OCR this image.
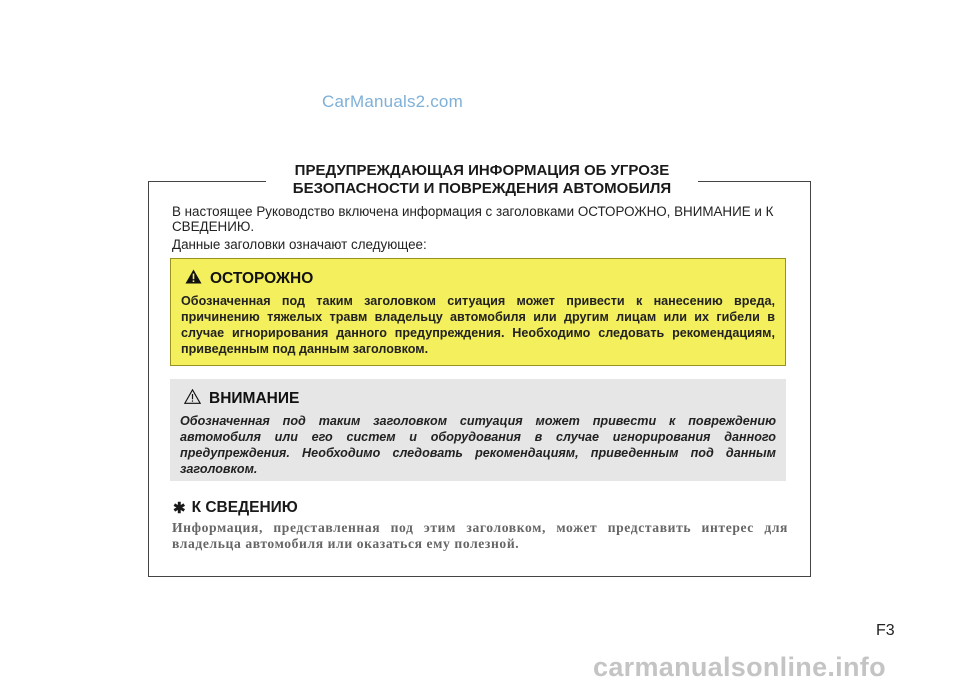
CarManuals2.com
ПРЕДУПРЕЖДАЮЩАЯ ИНФОРМАЦИЯ ОБ УГРОЗЕ
БЕЗОПАСНОСТИ И ПОВРЕЖДЕНИЯ АВТОМОБИЛЯ

В настоящее Руководство включена информация с заголовками ОСТОРОЖНО, ВНИМАНИЕ и К СВЕДЕНИЮ.

Данные заголовки означают следующее:

ОСТОРОЖНО
Обозначенная под таким заголовком ситуация может привести к нанесению вреда, причинению тяжелых травм владельцу автомобиля или другим лицам или их гибели в случае игнорирования данного предупреждения. Необходимо следовать рекомендациям, приведенным под данным заголовком.
ВНИМАНИЕ
Обозначенная под таким заголовком ситуация может привести к повреждению автомобиля или его систем и оборудования в случае игнорирования данного предупреждения. Необходимо следовать рекомендациям, приведенным под данным заголовком.
✱ К СВЕДЕНИЮ
Информация, представленная под этим заголовком, может представить интерес для владельца автомобиля или оказаться ему полезной.
F3
carmanualsonline.info
